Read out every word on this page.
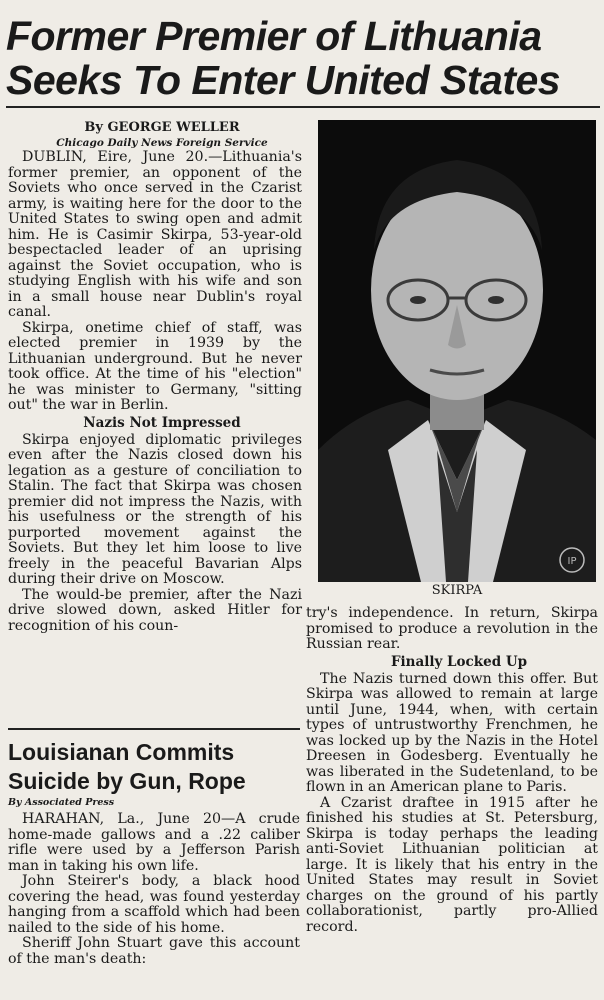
Former Premier of Lithuania
Seeks To Enter United States

By GEORGE WELLER

Chicago Daily News Foreign Service

DUBLIN, Eire, June 20.—Lithuania's former premier, an opponent of the Soviets who once served in the Czarist army, is waiting here for the door to the United States to swing open and admit him. He is Casimir Skirpa, 53-year-old bespectacled leader of an uprising against the Soviet occupation, who is studying English with his wife and son in a small house near Dublin's royal canal.

Skirpa, onetime chief of staff, was elected premier in 1939 by the Lithuanian underground. But he never took office. At the time of his "election" he was minister to Germany, "sitting out" the war in Berlin.

Nazis Not Impressed

Skirpa enjoyed diplomatic privileges even after the Nazis closed down his legation as a gesture of conciliation to Stalin. The fact that Skirpa was chosen premier did not impress the Nazis, with his usefulness or the strength of his purported movement against the Soviets. But they let him loose to live freely in the peaceful Bavarian Alps during their drive on Moscow.

The would-be premier, after the Nazi drive slowed down, asked Hitler for recognition of his coun-

IP
SKIRPA
Louisianan Commits
Suicide by Gun, Rope
By Associated Press

HARAHAN, La., June 20—A crude home-made gallows and a .22 caliber rifle were used by a Jefferson Parish man in taking his own life.

John Steirer's body, a black hood covering the head, was found yesterday hanging from a scaffold which had been nailed to the side of his home.

Sheriff John Stuart gave this account of the man's death:

try's independence. In return, Skirpa promised to produce a revolution in the Russian rear.

Finally Locked Up

The Nazis turned down this offer. But Skirpa was allowed to remain at large until June, 1944, when, with certain types of untrustworthy Frenchmen, he was locked up by the Nazis in the Hotel Dreesen in Godesberg. Eventually he was liberated in the Sudetenland, to be flown in an American plane to Paris.

A Czarist draftee in 1915 after he finished his studies at St. Petersburg, Skirpa is today perhaps the leading anti-Soviet Lithuanian politician at large. It is likely that his entry in the United States may result in Soviet charges on the ground of his partly collaborationist, partly pro-Allied record.
